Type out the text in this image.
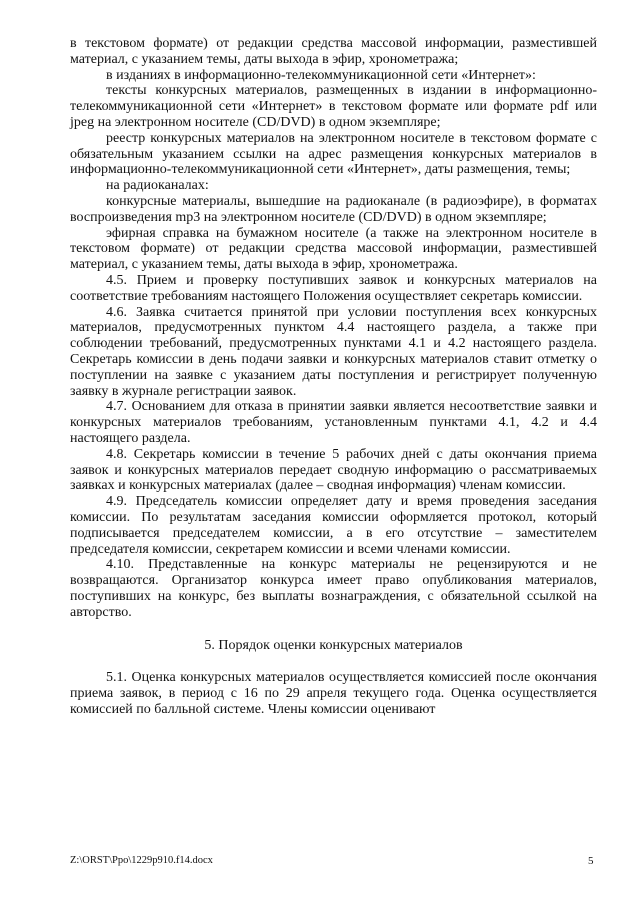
в текстовом формате) от редакции средства массовой информации, разместившей материал, с указанием темы, даты выхода в эфир, хронометража;

в изданиях в информационно-телекоммуникационной сети «Интернет»:

тексты конкурсных материалов, размещенных в издании в информационно-телекоммуникационной сети «Интернет» в текстовом формате или формате pdf или jpeg на электронном носителе (CD/DVD) в одном экземпляре;

реестр конкурсных материалов на электронном носителе в текстовом формате с обязательным указанием ссылки на адрес размещения конкурсных материалов в информационно-телекоммуникационной сети «Интернет», даты размещения, темы;

на радиоканалах:

конкурсные материалы, вышедшие на радиоканале (в радиоэфире), в форматах воспроизведения mp3 на электронном носителе (CD/DVD) в одном экземпляре;

эфирная справка на бумажном носителе (а также на электронном носителе в текстовом формате) от редакции средства массовой информации, разместившей материал, с указанием темы, даты выхода в эфир, хронометража.

4.5. Прием и проверку поступивших заявок и конкурсных материалов на соответствие требованиям настоящего Положения осуществляет секретарь комиссии.

4.6. Заявка считается принятой при условии поступления всех конкурсных материалов, предусмотренных пунктом 4.4 настоящего раздела, а также при соблюдении требований, предусмотренных пунктами 4.1 и 4.2 настоящего раздела. Секретарь комиссии в день подачи заявки и конкурсных материалов ставит отметку о поступлении на заявке с указанием даты поступления и регистрирует полученную заявку в журнале регистрации заявок.

4.7. Основанием для отказа в принятии заявки является несоответствие заявки и конкурсных материалов требованиям, установленным пунктами 4.1, 4.2 и 4.4 настоящего раздела.

4.8. Секретарь комиссии в течение 5 рабочих дней с даты окончания приема заявок и конкурсных материалов передает сводную информацию о рассматриваемых заявках и конкурсных материалах (далее – сводная информация) членам комиссии.

4.9. Председатель комиссии определяет дату и время проведения заседания комиссии. По результатам заседания комиссии оформляется протокол, который подписывается председателем комиссии, а в его отсутствие – заместителем председателя комиссии, секретарем комиссии и всеми членами комиссии.

4.10. Представленные на конкурс материалы не рецензируются и не возвращаются. Организатор конкурса имеет право опубликования материалов, поступивших на конкурс, без выплаты вознаграждения, с обязательной ссылкой на авторство.

5. Порядок оценки конкурсных материалов

5.1. Оценка конкурсных материалов осуществляется комиссией после окончания приема заявок, в период с 16 по 29 апреля текущего года. Оценка осуществляется комиссией по балльной системе. Члены комиссии оценивают

Z:\ORST\Ppo\1229p910.f14.docx	5
